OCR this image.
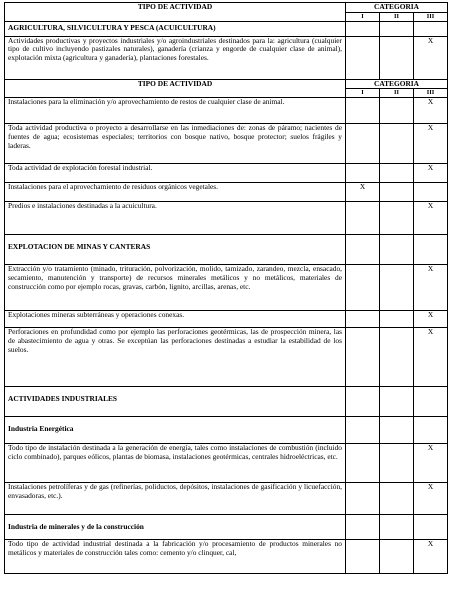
TIPO DE ACTIVIDAD	CATEGORIA		
	I	II	III
AGRICULTURA, SILVICULTURA Y PESCA (ACUICULTURA)			
Actividades productivas y proyectos industriales y/o agroindustriales destinados para la: agricultura (cualquier tipo de cultivo incluyendo pastizales naturales), ganadería (crianza y engorde de cualquier clase de animal), explotación mixta (agricultura y ganadería), plantaciones forestales.			X
TIPO DE ACTIVIDAD	CATEGORIA		
	I	II	III
Instalaciones para la eliminación y/o aprovechamiento de restos de cualquier clase de animal.			X
Toda actividad productiva o proyecto a desarrollarse en las inmediaciones de: zonas de páramo; nacientes de fuentes de agua; ecosistemas especiales; territorios con bosque nativo, bosque protector; suelos frágiles y laderas.			X
Toda actividad de explotación forestal industrial.			X
Instalaciones para el aprovechamiento de residuos orgánicos vegetales.	X		
Predios e instalaciones destinadas a la acuicultura.			X
EXPLOTACION DE MINAS Y CANTERAS			
Extracción y/o tratamiento (minado, trituración, polvorización, molido, tamizado, zarandeo, mezcla, ensacado, secamiento, manutención y transporte) de recursos minerales metálicos y no metálicos, materiales de construcción como por ejemplo rocas, gravas, carbón, lignito, arcillas, arenas, etc.			X
Explotaciones mineras subterráneas y operaciones conexas.			X
Perforaciones en profundidad como por ejemplo las perforaciones geotérmicas, las de prospección minera, las de abastecimiento de agua y otras. Se exceptúan las perforaciones destinadas a estudiar la estabilidad de los suelos.			X
ACTIVIDADES INDUSTRIALES			
Industria Energética			
Todo tipo de instalación destinada a la generación de energía, tales como instalaciones de combustión (incluido ciclo combinado), parques eólicos, plantas de biomasa, instalaciones geotérmicas, centrales hidroeléctricas, etc.			X
Instalaciones petrolíferas y de gas (refinerías, poliductos, depósitos, instalaciones de gasificación y licuefacción, envasadoras, etc.).			X
Industria de minerales y de la construcción			
Todo tipo de actividad industrial destinada a la fabricación y/o procesamiento de productos minerales no metálicos y materiales de construcción tales como: cemento y/o clinquer, cal,			X
